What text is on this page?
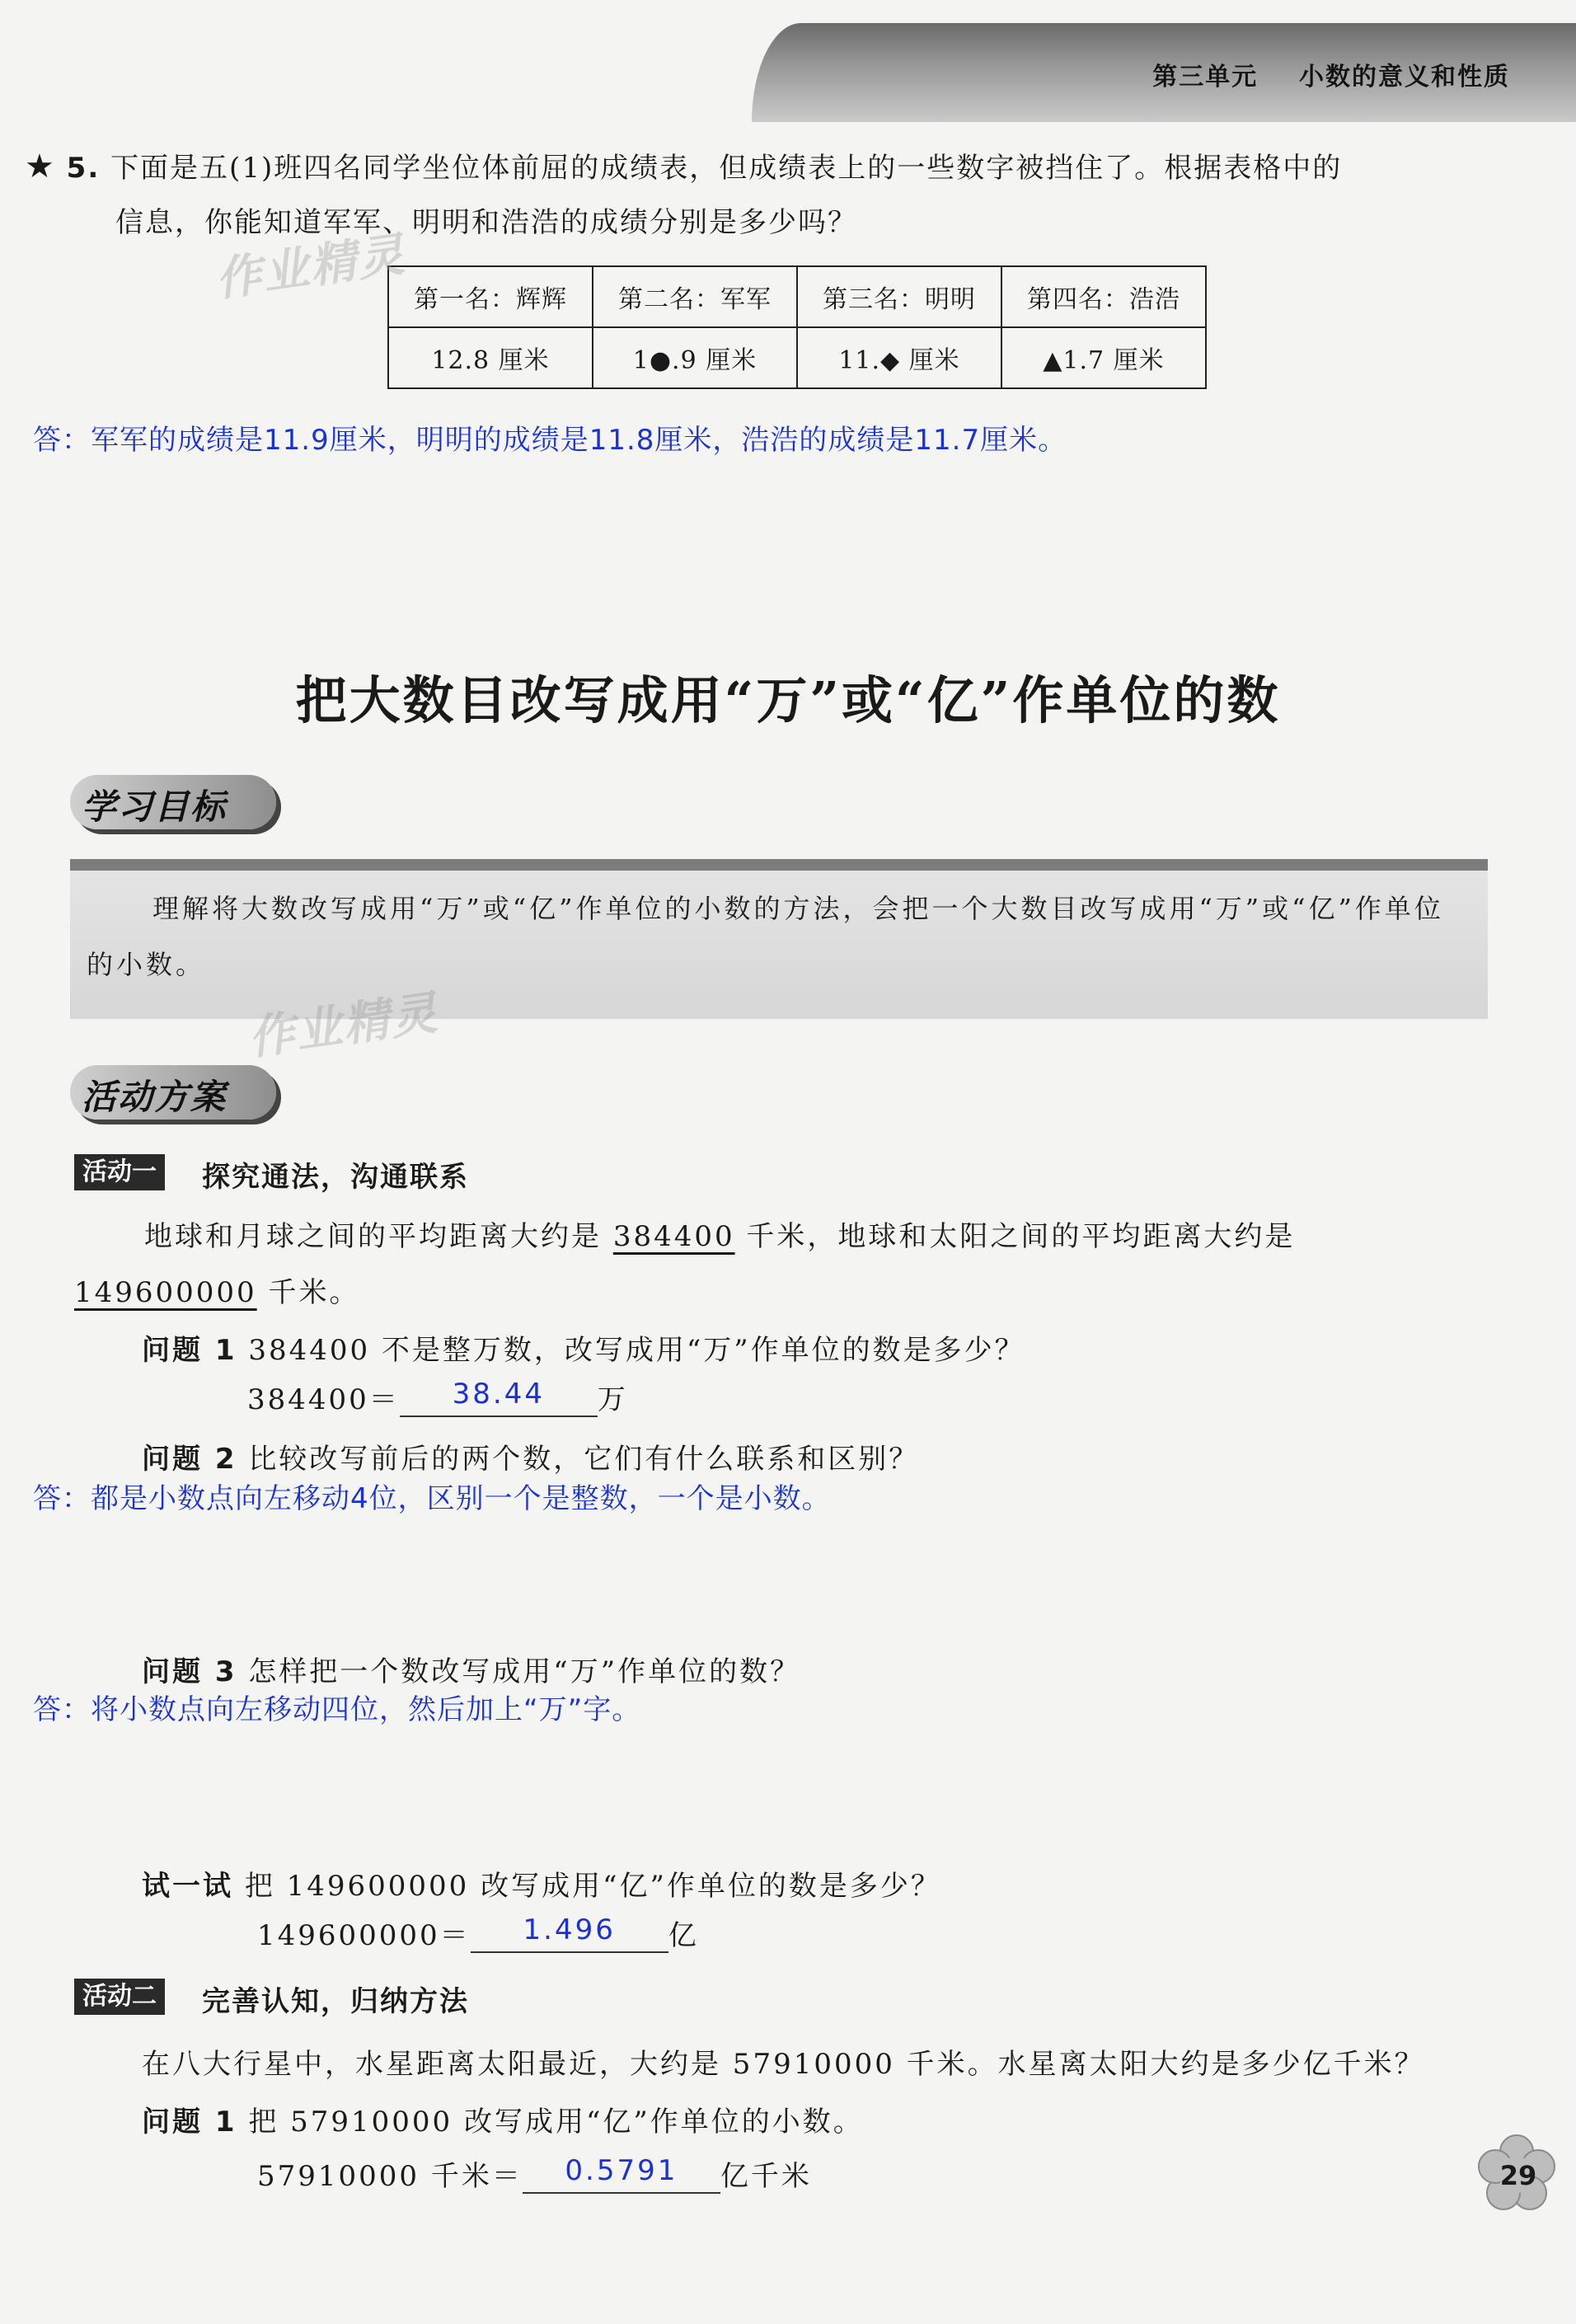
第三单元 小数的意义和性质
★ 5. 下面是五(1)班四名同学坐位体前屈的成绩表，但成绩表上的一些数字被挡住了。根据表格中的
信息，你能知道军军、明明和浩浩的成绩分别是多少吗？
第一名：辉辉	第二名：军军	第三名：明明	第四名：浩浩
12.8 厘米	1●.9 厘米	11.◆ 厘米	▲1.7 厘米
作业精灵
答：军军的成绩是11.9厘米，明明的成绩是11.8厘米，浩浩的成绩是11.7厘米。
把大数目改写成用“万”或“亿”作单位的数
学习目标
理解将大数改写成用“万”或“亿”作单位的小数的方法，会把一个大数目改写成用“万”或“亿”作单位的小数。
作业精灵
活动方案
活动一 探究通法，沟通联系
地球和月球之间的平均距离大约是 384400 千米，地球和太阳之间的平均距离大约是
149600000 千米。
问题 1 384400 不是整万数，改写成用“万”作单位的数是多少？
384400＝ 38.44 万
问题 2 比较改写前后的两个数，它们有什么联系和区别？
答：都是小数点向左移动4位，区别一个是整数，一个是小数。
问题 3 怎样把一个数改写成用“万”作单位的数？
答：将小数点向左移动四位，然后加上“万”字。
试一试 把 149600000 改写成用“亿”作单位的数是多少？
149600000＝ 1.496 亿
活动二 完善认知，归纳方法
在八大行星中，水星距离太阳最近，大约是 57910000 千米。水星离太阳大约是多少亿千米？
问题 1 把 57910000 改写成用“亿”作单位的小数。
57910000 千米＝ 0.5791 亿千米	29
